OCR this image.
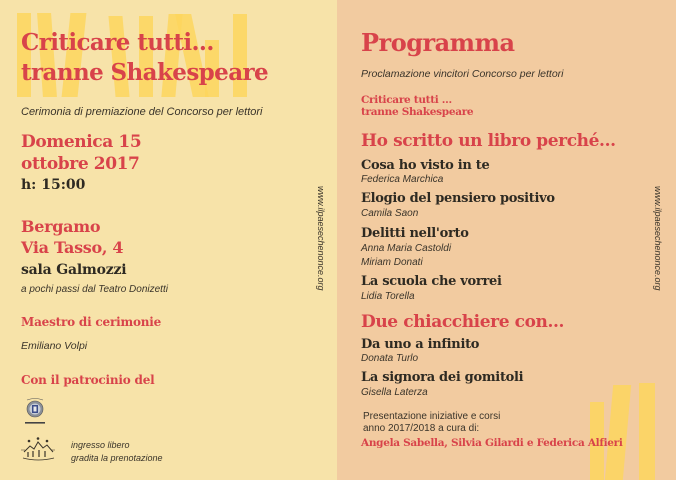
Criticare tutti...
tranne Shakespeare
Cerimonia di premiazione del Concorso per lettori
Domenica 15
ottobre 2017
h: 15:00
Bergamo
Via Tasso, 4
sala Galmozzi
a pochi passi dal Teatro Donizetti
Maestro di cerimonie
Emiliano Volpi
Con il patrocinio del
ingresso libero
gradita la prenotazione
www.ilpaesechenonce.org
Programma
Proclamazione vincitori Concorso per lettori
Criticare tutti ...
tranne Shakespeare
Ho scritto un libro perché...
Cosa ho visto in te
Federica Marchica
Elogio del pensiero positivo
Camila Saon
Delitti nell'orto
Anna Maria Castoldi
Miriam Donati
La scuola che vorrei
Lidia Torella
Due chiacchiere con...
Da uno a infinito
Donata Turlo
La signora dei gomitoli
Gisella Laterza
Presentazione iniziative e corsi
anno 2017/2018 a cura di:
Angela Sabella, Silvia Gilardi e Federica Alfieri
www.ilpaesechenonce.org
